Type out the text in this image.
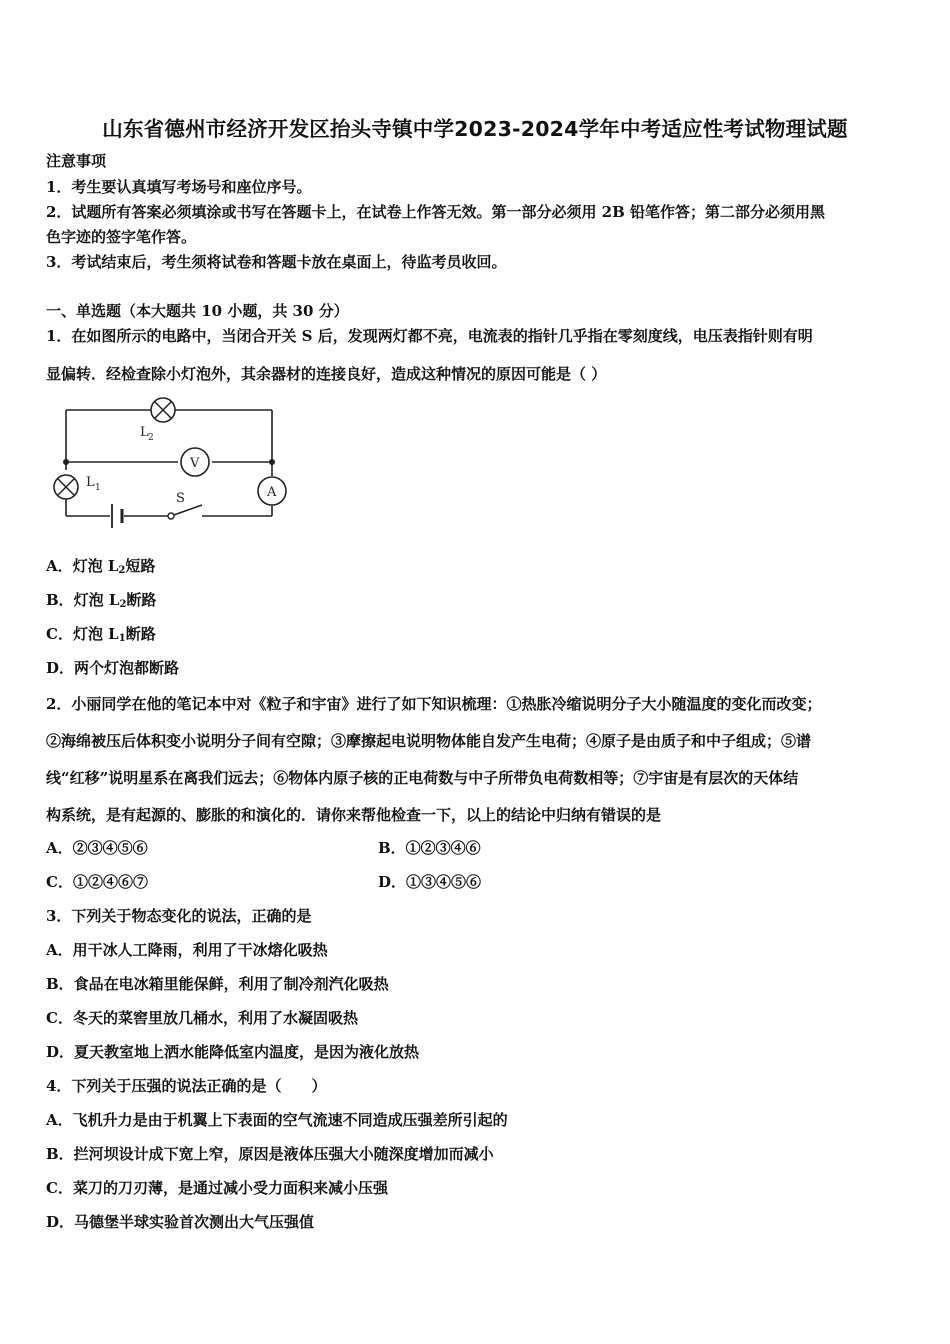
山东省德州市经济开发区抬头寺镇中学2023-2024学年中考适应性考试物理试题
注意事项
1．考生要认真填写考场号和座位序号。
2．试题所有答案必须填涂或书写在答题卡上，在试卷上作答无效。第一部分必须用 2B 铅笔作答；第二部分必须用黑
色字迹的签字笔作答。
3．考试结束后，考生须将试卷和答题卡放在桌面上，待监考员收回。
一、单选题（本大题共 10 小题，共 30 分）
1．在如图所示的电路中，当闭合开关 S 后，发现两灯都不亮，电流表的指针几乎指在零刻度线，电压表指针则有明
显偏转．经检查除小灯泡外，其余器材的连接良好，造成这种情况的原因可能是（ ）
L 2
V
L 1	A
S
A．灯泡 $L_2$短路
B．灯泡 $L_2$断路
C．灯泡 $L_1$断路
D．两个灯泡都断路
2．小丽同学在他的笔记本中对《粒子和宇宙》进行了如下知识梳理：①热胀冷缩说明分子大小随温度的变化而改变；
②海绵被压后体积变小说明分子间有空隙；③摩擦起电说明物体能自发产生电荷；④原子是由质子和中子组成；⑤谱
线“红移”说明星系在离我们远去；⑥物体内原子核的正电荷数与中子所带负电荷数相等；⑦宇宙是有层次的天体结
构系统，是有起源的、膨胀的和演化的．请你来帮他检查一下，以上的结论中归纳有错误的是
A．②③④⑤⑥	B．①②③④⑥
C．①②④⑥⑦	D．①③④⑤⑥
3．下列关于物态变化的说法，正确的是
A．用干冰人工降雨，利用了干冰熔化吸热
B．食品在电冰箱里能保鲜，利用了制冷剂汽化吸热
C．冬天的菜窖里放几桶水，利用了水凝固吸热
D．夏天教室地上洒水能降低室内温度，是因为液化放热
4．下列关于压强的说法正确的是（　　）
A．飞机升力是由于机翼上下表面的空气流速不同造成压强差所引起的
B．拦河坝设计成下宽上窄，原因是液体压强大小随深度增加而减小
C．菜刀的刀刃薄，是通过减小受力面积来减小压强
D．马德堡半球实验首次测出大气压强值
